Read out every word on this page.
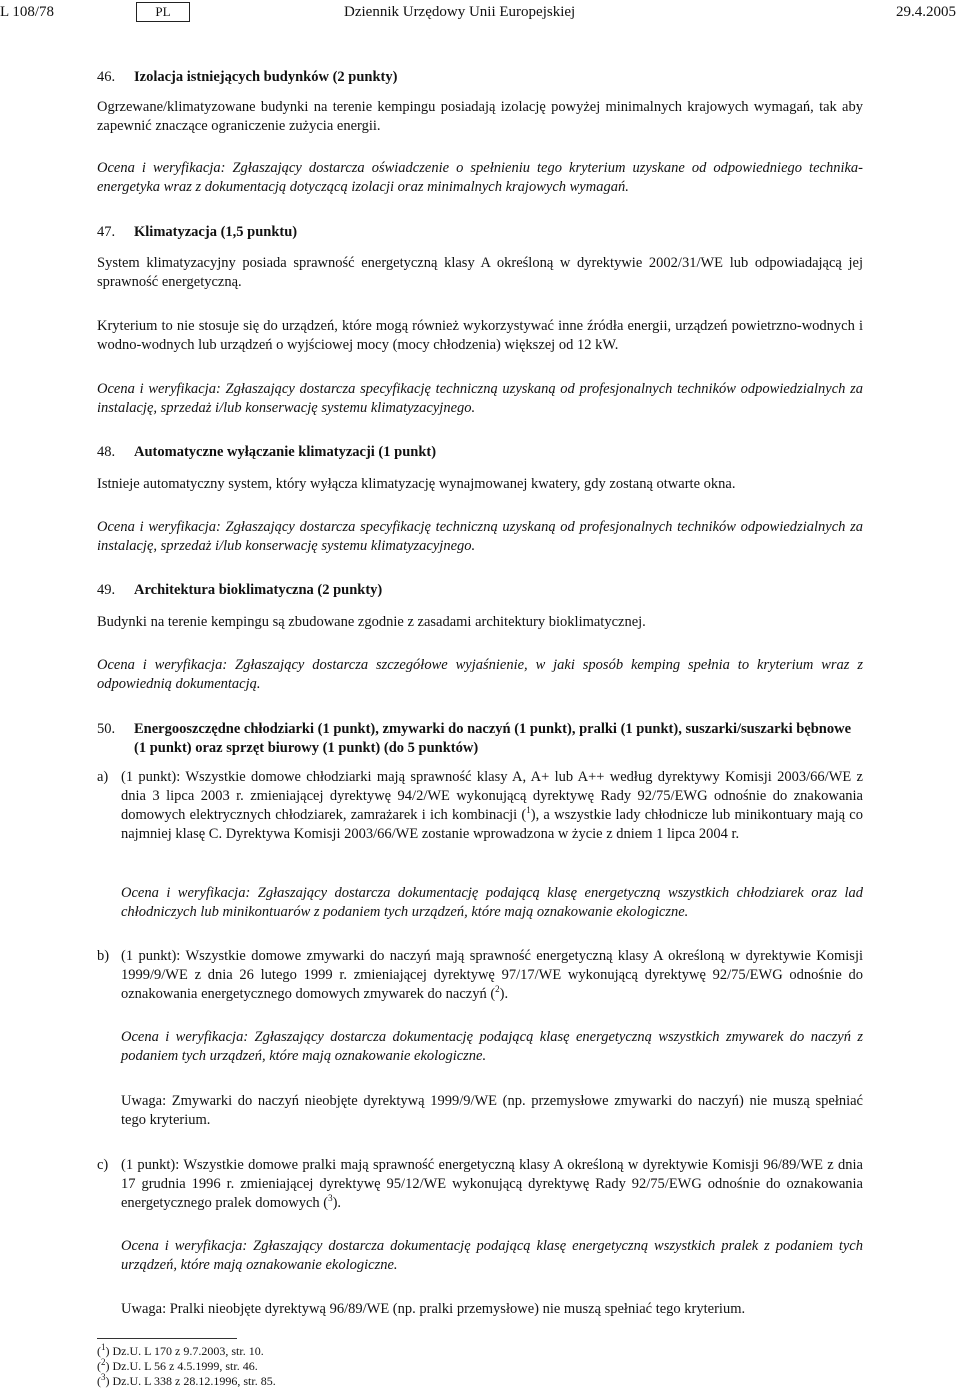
L 108/78	PL	Dziennik Urzędowy Unii Europejskiej	29.4.2005
46. Izolacja istniejących budynków (2 punkty)
Ogrzewane/klimatyzowane budynki na terenie kempingu posiadają izolację powyżej minimalnych krajowych wymagań, tak aby zapewnić znaczące ograniczenie zużycia energii.
Ocena i weryfikacja: Zgłaszający dostarcza oświadczenie o spełnieniu tego kryterium uzyskane od odpowiedniego technika-energetyka wraz z dokumentacją dotyczącą izolacji oraz minimalnych krajowych wymagań.
47. Klimatyzacja (1,5 punktu)
System klimatyzacyjny posiada sprawność energetyczną klasy A określoną w dyrektywie 2002/31/WE lub odpowiadającą jej sprawność energetyczną.
Kryterium to nie stosuje się do urządzeń, które mogą również wykorzystywać inne źródła energii, urządzeń powietrzno-wodnych i wodno-wodnych lub urządzeń o wyjściowej mocy (mocy chłodzenia) większej od 12 kW.
Ocena i weryfikacja: Zgłaszający dostarcza specyfikację techniczną uzyskaną od profesjonalnych techników odpowiedzialnych za instalację, sprzedaż i/lub konserwację systemu klimatyzacyjnego.
48. Automatyczne wyłączanie klimatyzacji (1 punkt)
Istnieje automatyczny system, który wyłącza klimatyzację wynajmowanej kwatery, gdy zostaną otwarte okna.
Ocena i weryfikacja: Zgłaszający dostarcza specyfikację techniczną uzyskaną od profesjonalnych techników odpowiedzialnych za instalację, sprzedaż i/lub konserwację systemu klimatyzacyjnego.
49. Architektura bioklimatyczna (2 punkty)
Budynki na terenie kempingu są zbudowane zgodnie z zasadami architektury bioklimatycznej.
Ocena i weryfikacja: Zgłaszający dostarcza szczegółowe wyjaśnienie, w jaki sposób kemping spełnia to kryterium wraz z odpowiednią dokumentacją.
50. Energooszczędne chłodziarki (1 punkt), zmywarki do naczyń (1 punkt), pralki (1 punkt), suszarki/suszarki bębnowe (1 punkt) oraz sprzęt biurowy (1 punkt) (do 5 punktów)
a) (1 punkt): Wszystkie domowe chłodziarki mają sprawność klasy A, A+ lub A++ według dyrektywy Komisji 2003/66/WE z dnia 3 lipca 2003 r. zmieniającej dyrektywę 94/2/WE wykonującą dyrektywę Rady 92/75/EWG odnośnie do znakowania domowych elektrycznych chłodziarek, zamrażarek i ich kombinacji ($^1$), a wszystkie lady chłodnicze lub minikontuary mają co najmniej klasę C. Dyrektywa Komisji 2003/66/WE zostanie wprowadzona w życie z dniem 1 lipca 2004 r.
Ocena i weryfikacja: Zgłaszający dostarcza dokumentację podającą klasę energetyczną wszystkich chłodziarek oraz lad chłodniczych lub minikontuarów z podaniem tych urządzeń, które mają oznakowanie ekologiczne.
b) (1 punkt): Wszystkie domowe zmywarki do naczyń mają sprawność energetyczną klasy A określoną w dyrektywie Komisji 1999/9/WE z dnia 26 lutego 1999 r. zmieniającej dyrektywę 97/17/WE wykonującą dyrektywę 92/75/EWG odnośnie do oznakowania energetycznego domowych zmywarek do naczyń ($^2$).
Ocena i weryfikacja: Zgłaszający dostarcza dokumentację podającą klasę energetyczną wszystkich zmywarek do naczyń z podaniem tych urządzeń, które mają oznakowanie ekologiczne.
Uwaga: Zmywarki do naczyń nieobjęte dyrektywą 1999/9/WE (np. przemysłowe zmywarki do naczyń) nie muszą spełniać tego kryterium.
c) (1 punkt): Wszystkie domowe pralki mają sprawność energetyczną klasy A określoną w dyrektywie Komisji 96/89/WE z dnia 17 grudnia 1996 r. zmieniającej dyrektywę 95/12/WE wykonującą dyrektywę Rady 92/75/EWG odnośnie do oznakowania energetycznego pralek domowych ($^3$).
Ocena i weryfikacja: Zgłaszający dostarcza dokumentację podającą klasę energetyczną wszystkich pralek z podaniem tych urządzeń, które mają oznakowanie ekologiczne.
Uwaga: Pralki nieobjęte dyrektywą 96/89/WE (np. pralki przemysłowe) nie muszą spełniać tego kryterium.
($^1$) Dz.U. L 170 z 9.7.2003, str. 10.
($^2$) Dz.U. L 56 z 4.5.1999, str. 46.
($^3$) Dz.U. L 338 z 28.12.1996, str. 85.
